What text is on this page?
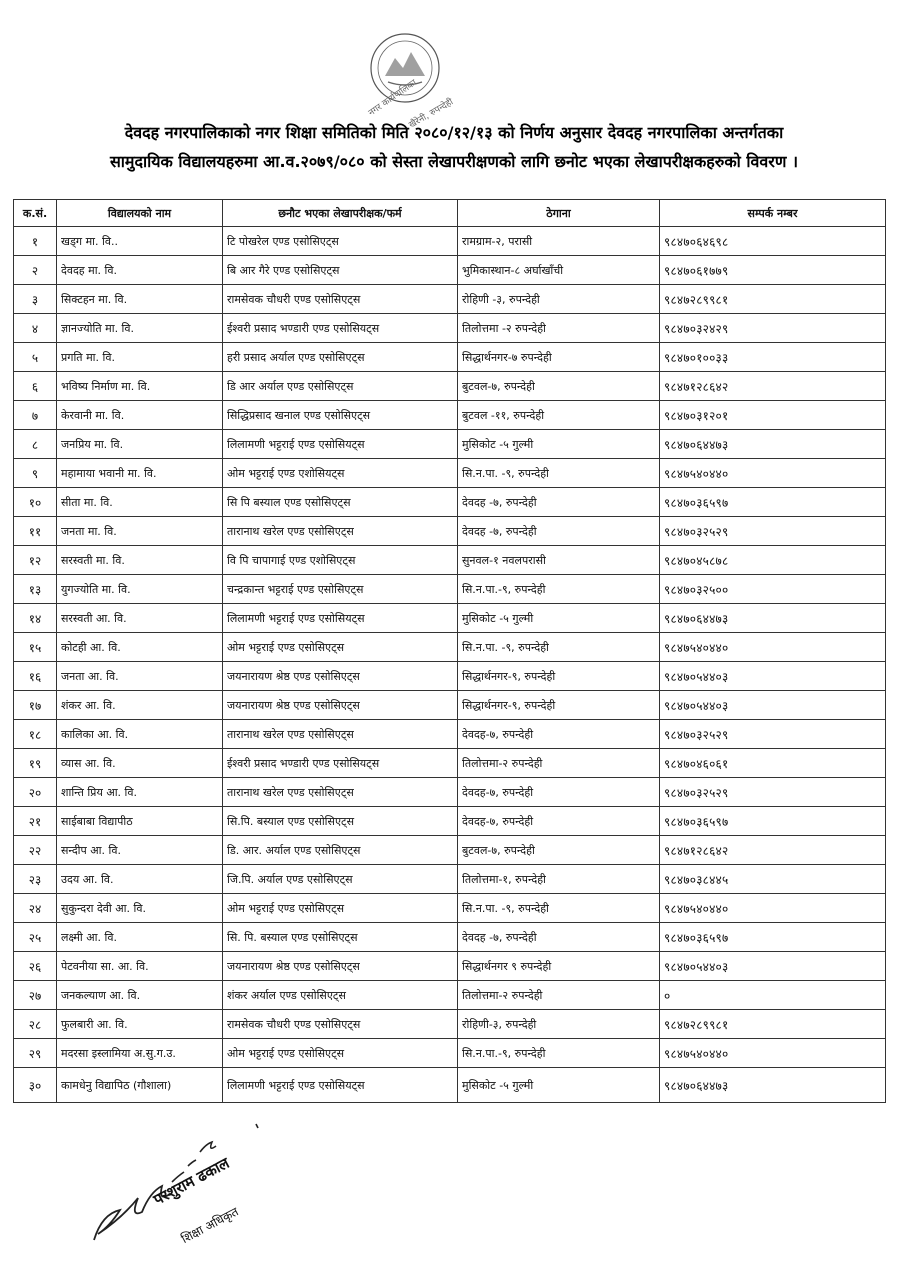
नगर कार्यपालिका
खैरेनी, रुपन्देही
देवदह नगरपालिकाको नगर शिक्षा समितिको मिति २०८०/१२/१३ को निर्णय अनुसार देवदह नगरपालिका अन्तर्गतका
सामुदायिक विद्यालयहरुमा आ.व.२०७९/०८० को सेस्ता लेखापरीक्षणको लागि छनोट भएका लेखापरीक्षकहरुको विवरण ।
क.सं.	विद्यालयको नाम	छनौट भएका लेखापरीक्षक/फर्म	ठेगाना	सम्पर्क नम्बर
१	खड्ग मा. वि..	टि पोखरेल एण्ड एसोसिएट्स	रामग्राम-२, परासी	९८४७०६४६९८
२	देवदह मा. वि.	बि आर गैरे एण्ड एसोसिएट्स	भुमिकास्थान-८ अर्घाखाँची	९८४७०६१७७९
३	सिक्टहन मा. वि.	रामसेवक चौधरी एण्ड एसोसिएट्स	रोहिणी -३, रुपन्देही	९८४७२८९९८१
४	ज्ञानज्योति मा. वि.	ईश्वरी प्रसाद भण्डारी एण्ड एसोसियट्स	तिलोत्तमा -२ रुपन्देही	९८४७०३२४२९
५	प्रगति मा. वि.	हरी प्रसाद अर्याल एण्ड एसोसिएट्स	सिद्धार्थनगर-७ रुपन्देही	९८४७०१००३३
६	भविष्य निर्माण मा. वि.	डि आर अर्याल एण्ड एसोसिएट्स	बुटवल-७, रुपन्देही	९८४७१२८६४२
७	केरवानी मा. वि.	सिद्धिप्रसाद खनाल एण्ड एसोसिएट्स	बुटवल -११, रुपन्देही	९८४७०३१२०१
८	जनप्रिय मा. वि.	लिलामणी भट्टराई एण्ड एसोसियट्स	मुसिकोट -५ गुल्मी	९८४७०६४४७३
९	महामाया भवानी मा. वि.	ओम भट्टराई एण्ड एशोसियट्स	सि.न.पा. -९, रुपन्देही	९८४७५४०४४०
१०	सीता मा. वि.	सि पि बस्याल एण्ड एसोसिएट्स	देवदह -७, रुपन्देही	९८४७०३६५९७
११	जनता मा. वि.	तारानाथ खरेल एण्ड एसोसिएट्स	देवदह -७, रुपन्देही	९८४७०३२५२९
१२	सरस्वती मा. वि.	वि पि चापागाई एण्ड एशोसिएट्स	सुनवल-१ नवलपरासी	९८४७०४५८७८
१३	युगज्योति मा. वि.	चन्द्रकान्त भट्टराई एण्ड एसोसिएट्स	सि.न.पा.-९, रुपन्देही	९८४७०३२५००
१४	सरस्वती आ. वि.	लिलामणी भट्टराई एण्ड एसोसियट्स	मुसिकोट -५ गुल्मी	९८४७०६४४७३
१५	कोटही आ. वि.	ओम भट्टराई एण्ड एसोसिएट्स	सि.न.पा. -९, रुपन्देही	९८४७५४०४४०
१६	जनता आ. वि.	जयनारायण श्रेष्ठ एण्ड एसोसिएट्स	सिद्धार्थनगर-९, रुपन्देही	९८४७०५४४०३
१७	शंकर आ. वि.	जयनारायण श्रेष्ठ एण्ड एसोसिएट्स	सिद्धार्थनगर-९, रुपन्देही	९८४७०५४४०३
१८	कालिका आ. वि.	तारानाथ खरेल एण्ड एसोसिएट्स	देवदह-७, रुपन्देही	९८४७०३२५२९
१९	व्यास आ. वि.	ईश्वरी प्रसाद भण्डारी एण्ड एसोसियट्स	तिलोत्तमा-२ रुपन्देही	९८४७०४६०६१
२०	शान्ति प्रिय आ. वि.	तारानाथ खरेल एण्ड एसोसिएट्स	देवदह-७, रुपन्देही	९८४७०३२५२९
२१	साईबाबा विद्यापीठ	सि.पि. बस्याल एण्ड एसोसिएट्स	देवदह-७, रुपन्देही	९८४७०३६५९७
२२	सन्दीप आ. वि.	डि. आर. अर्याल एण्ड एसोसिएट्स	बुटवल-७, रुपन्देही	९८४७१२८६४२
२३	उदय आ. वि.	जि.पि. अर्याल एण्ड एसोसिएट्स	तिलोत्तमा-१, रुपन्देही	९८४७०३८४४५
२४	सुकुन्दरा देवी आ. वि.	ओम भट्टराई एण्ड एसोसिएट्स	सि.न.पा. -९, रुपन्देही	९८४७५४०४४०
२५	लक्ष्मी आ. वि.	सि. पि. बस्याल एण्ड एसोसिएट्स	देवदह -७, रुपन्देही	९८४७०३६५९७
२६	पेटवनीया सा. आ. वि.	जयनारायण श्रेष्ठ एण्ड एसोसिएट्स	सिद्धार्थनगर ९ रुपन्देही	९८४७०५४४०३
२७	जनकल्याण आ. वि.	शंकर अर्याल एण्ड एसोसिएट्स	तिलोत्तमा-२ रुपन्देही	०
२८	फुलबारी आ. वि.	रामसेवक चौधरी एण्ड एसोसिएट्स	रोहिणी-३, रुपन्देही	९८४७२८९९८१
२९	मदरसा इस्लामिया अ.सु.ग.उ.	ओम भट्टराई एण्ड एसोसिएट्स	सि.न.पा.-९, रुपन्देही	९८४७५४०४४०
३०	कामधेनु विद्यापिठ (गौशाला)	लिलामणी भट्टराई एण्ड एसोसियट्स	मुसिकोट -५ गुल्मी	९८४७०६४४७३
परशुराम ढकाल
शिक्षा अधिकृत
